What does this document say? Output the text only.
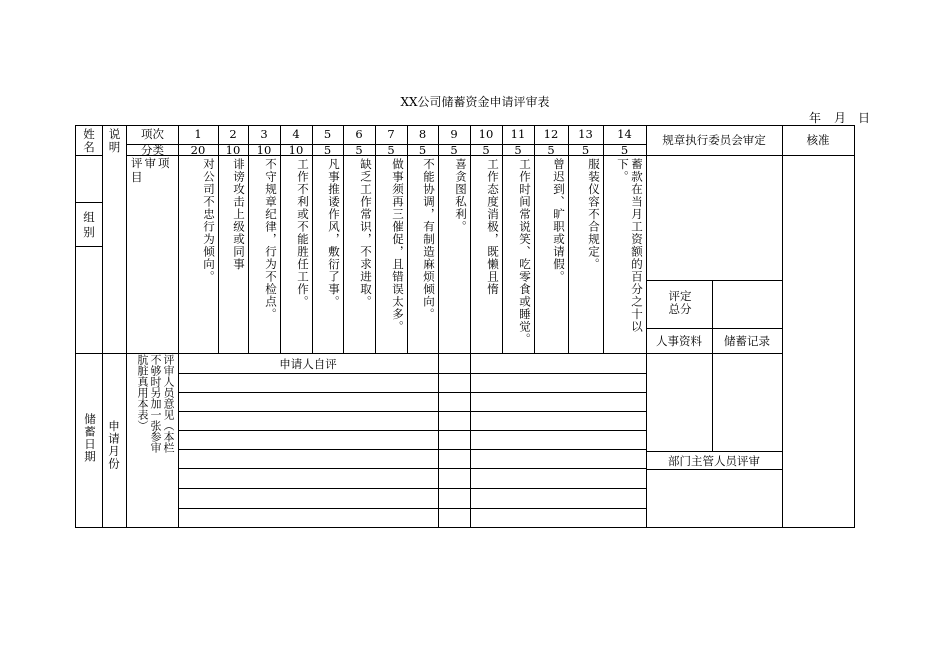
XX公司储蓄资金申请评审表
年 月 日
姓名
说明
项次
分类
规章执行委员会审定	核准
1	2	3	4	5	6	7	8	9	10	11	12	13	14
20	10	10	10	5	5	5	5	5	5	5	5	5	5
评审项目	对公司不忠行为倾向。	诽谤攻击上级或同事	不守规章纪律，行为不检点。	工作不利或不能胜任工作。	凡事推诿作风，敷衍了事。	缺乏工作常识，不求进取。	做事须再三催促，且错误太多。	不能协调，有制造麻烦倾向。	喜贪图私利。	工作态度消极，既懒且惰	工作时间常说笑、吃零食或睡觉。	曾迟到、旷职或请假。	服装仪容不合规定。	蓄款在当月工资额的百分之十以下。
组别
评定总分
人事资料	储蓄记录
部门主管人员评审
储蓄日期 申请月份	评审人员意见（本栏不够时另加一张参审肮脏真用本表）	申请人自评
